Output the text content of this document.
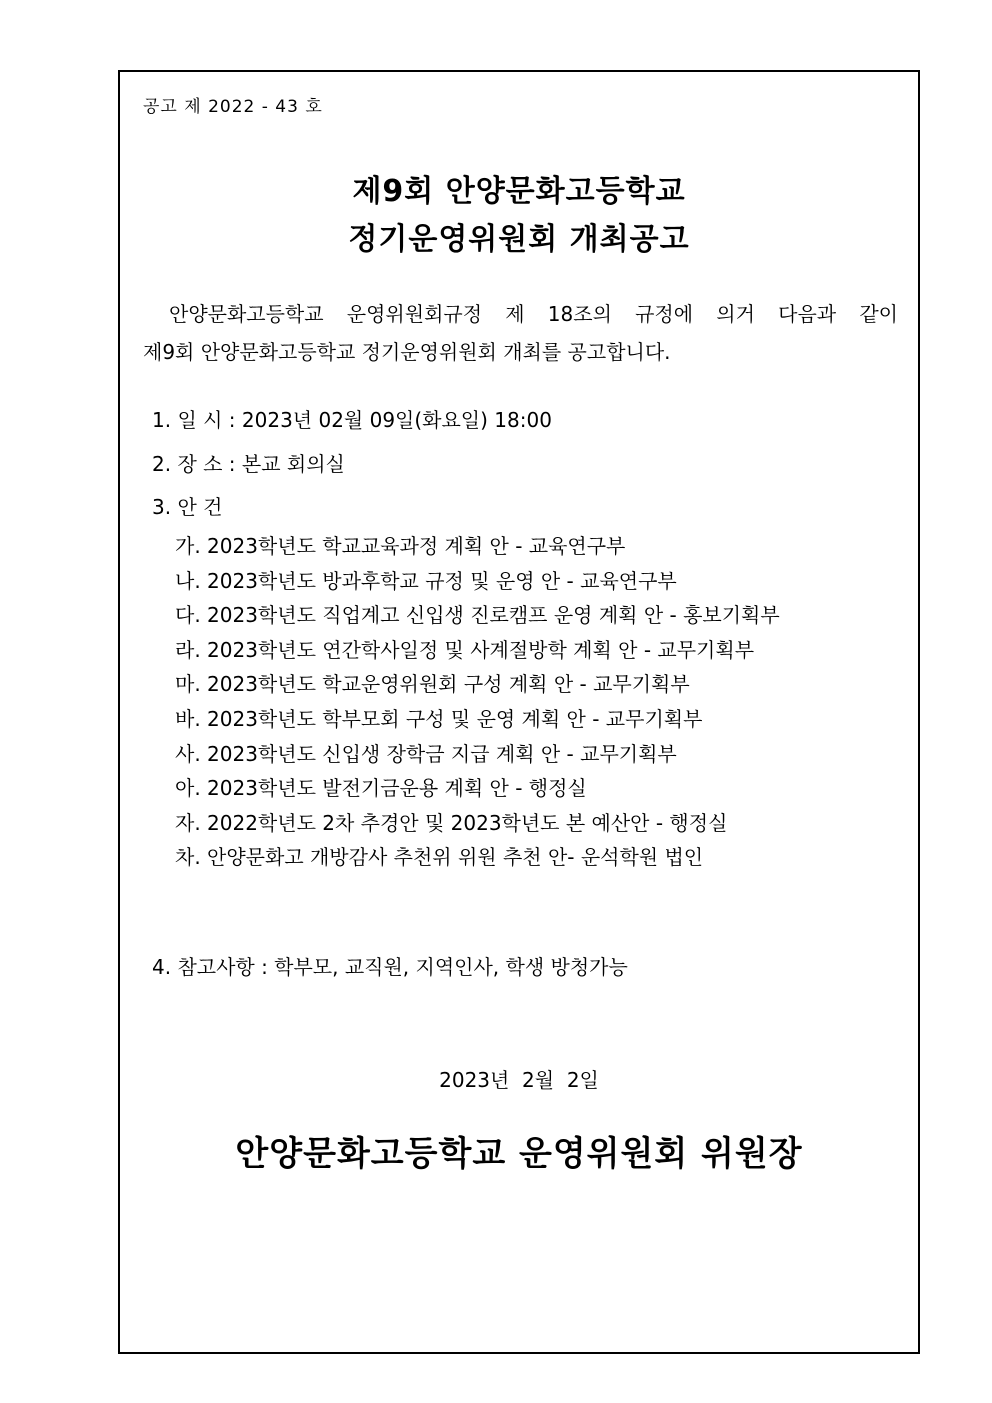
공고 제 2022 - 43 호
제9회 안양문화고등학교
정기운영위원회 개최공고
안양문화고등학교 운영위원회규정 제 18조의 규정에 의거 다음과 같이
제9회 안양문화고등학교 정기운영위원회 개최를 공고합니다.
1. 일 시 : 2023년 02월 09일(화요일) 18:00
2. 장 소 : 본교 회의실
3. 안 건
가. 2023학년도 학교교육과정 계획 안 - 교육연구부
나. 2023학년도 방과후학교 규정 및 운영 안 - 교육연구부
다. 2023학년도 직업계고 신입생 진로캠프 운영 계획 안 - 홍보기획부
라. 2023학년도 연간학사일정 및 사계절방학 계획 안 - 교무기획부
마. 2023학년도 학교운영위원회 구성 계획 안 - 교무기획부
바. 2023학년도 학부모회 구성 및 운영 계획 안 - 교무기획부
사. 2023학년도 신입생 장학금 지급 계획 안 - 교무기획부
아. 2023학년도 발전기금운용 계획 안 - 행정실
자. 2022학년도 2차 추경안 및 2023학년도 본 예산안 - 행정실
차. 안양문화고 개방감사 추천위 위원 추천 안- 운석학원 법인
4. 참고사항 : 학부모, 교직원, 지역인사, 학생 방청가능
2023년  2월  2일
안양문화고등학교 운영위원회 위원장
